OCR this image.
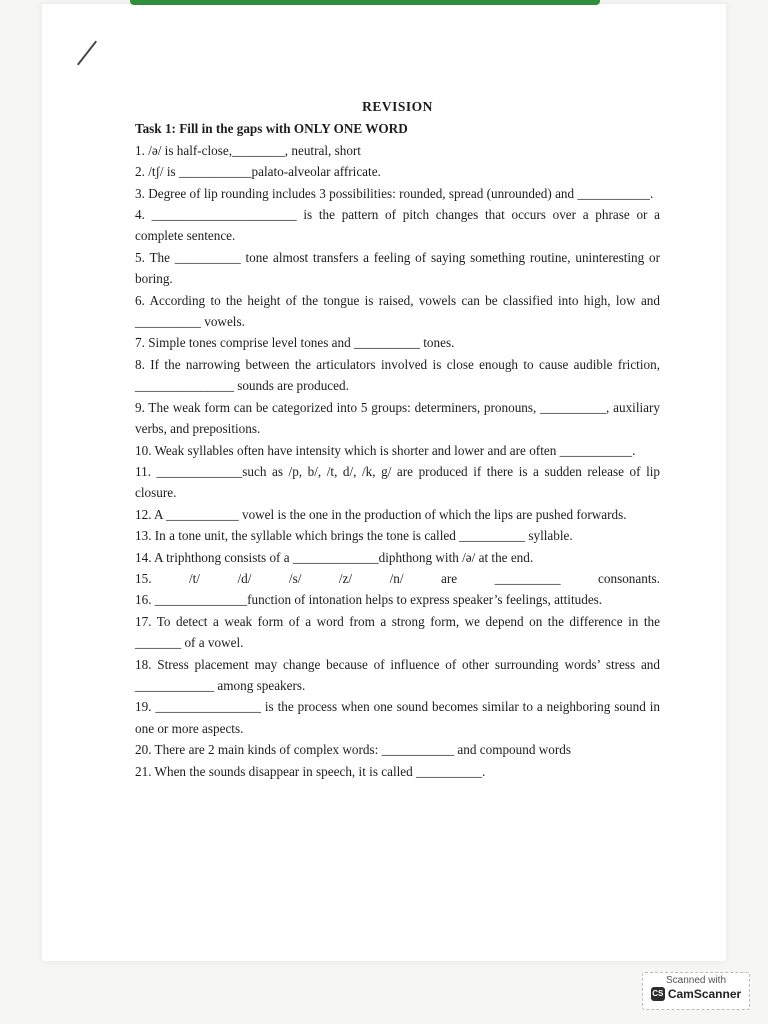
REVISION
Task 1: Fill in the gaps with ONLY ONE WORD

1. /ə/ is half-close,________, neutral, short

2. /tʃ/ is ___________palato-alveolar affricate.

3. Degree of lip rounding includes 3 possibilities: rounded, spread (unrounded) and ___________.

4. ______________________ is the pattern of pitch changes that occurs over a phrase or a complete sentence.

5. The __________ tone almost transfers a feeling of saying something routine, uninteresting or boring.

6. According to the height of the tongue is raised, vowels can be classified into high, low and __________ vowels.

7. Simple tones comprise level tones and __________ tones.

8. If the narrowing between the articulators involved is close enough to cause audible friction, _______________ sounds are produced.

9. The weak form can be categorized into 5 groups: determiners, pronouns, __________, auxiliary verbs, and prepositions.

10. Weak syllables often have intensity which is shorter and lower and are often ___________.

11. _____________such as /p, b/, /t, d/, /k, g/ are produced if there is a sudden release of lip closure.

12. A ___________ vowel is the one in the production of which the lips are pushed forwards.

13. In a tone unit, the syllable which brings the tone is called __________ syllable.

14. A triphthong consists of a _____________diphthong with /ə/ at the end.

15.	/t/	/d/	/s/	/z/	/n/	are	__________	consonants.

16. ______________function of intonation helps to express speaker’s feelings, attitudes.

17. To detect a weak form of a word from a strong form, we depend on the difference in the _______ of a vowel.

18. Stress placement may change because of influence of other surrounding words’ stress and ____________ among speakers.

19. ________________ is the process when one sound becomes similar to a neighboring sound in one or more aspects.

20. There are 2 main kinds of complex words: ___________ and compound words

21. When the sounds disappear in speech, it is called __________.

Scanned with
CS CamScanner
